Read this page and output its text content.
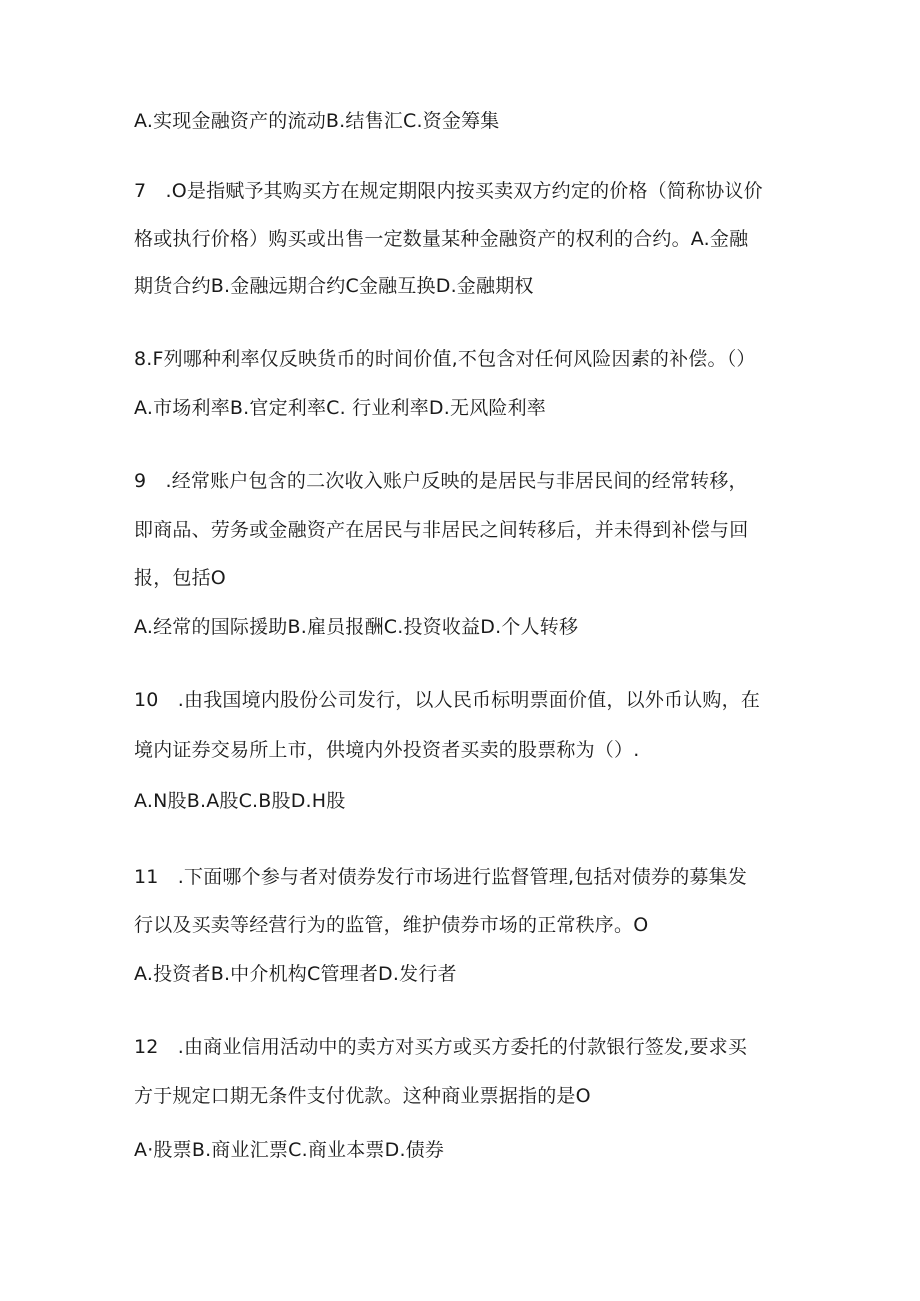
A.实现金融资产的流动B.结售汇C.资金筹集
7　.O是指赋予其购买方在规定期限内按买卖双方约定的价格（简称协议价
格或执行价格）购买或出售一定数量某种金融资产的权利的合约。A.金融
期货合约B.金融远期合约C金融互换D.金融期权
8.F列哪种利率仅反映货币的时间价值,不包含对任何风险因素的补偿。（）
A.市场利率B.官定利率C. 行业利率D.无风险利率
9　.经常账户包含的二次收入账户反映的是居民与非居民间的经常转移，
即商品、劳务或金融资产在居民与非居民之间转移后，并未得到补偿与回
报，包括O
A.经常的国际援助B.雇员报酬C.投资收益D.个人转移
10　.由我国境内股份公司发行，以人民币标明票面价值，以外币认购，在
境内证券交易所上市，供境内外投资者买卖的股票称为（）.
A.N股B.A股C.B股D.H股
11　.下面哪个参与者对债券发行市场进行监督管理,包括对债券的募集发
行以及买卖等经营行为的监管，维护债券市场的正常秩序。O
A.投资者B.中介机构C管理者D.发行者
12　.由商业信用活动中的卖方对买方或买方委托的付款银行签发,要求买
方于规定口期无条件支付优款。这种商业票据指的是O
A·股票B.商业汇票C.商业本票D.债券
